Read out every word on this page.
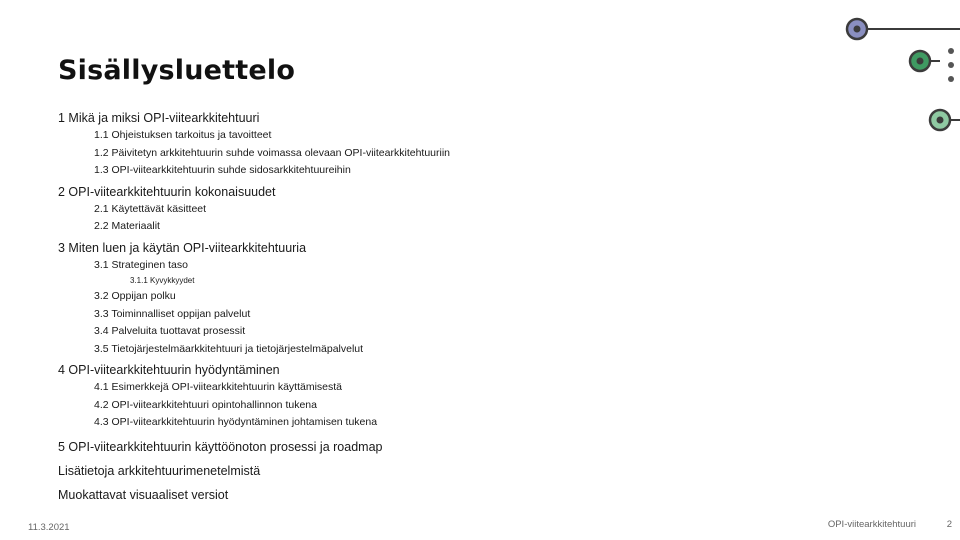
Sisällysluettelo
1 Mikä ja miksi OPI-viitearkkitehtuuri
1.1 Ohjeistuksen tarkoitus ja tavoitteet
1.2 Päivitetyn arkkitehtuurin suhde voimassa olevaan OPI-viitearkkitehtuuriin
1.3 OPI-viitearkkitehtuurin suhde sidosarkkitehtuureihin
2 OPI-viitearkkitehtuurin kokonaisuudet
2.1 Käytettävät käsitteet
2.2 Materiaalit
3 Miten luen ja käytän OPI-viitearkkitehtuuria
3.1 Strateginen taso
3.1.1 Kyvykkyydet
3.2 Oppijan polku
3.3 Toiminnalliset oppijan palvelut
3.4 Palveluita tuottavat prosessit
3.5 Tietojärjestelmäarkkitehtuuri ja tietojärjestelmäpalvelut
4 OPI-viitearkkitehtuurin hyödyntäminen
4.1 Esimerkkejä OPI-viitearkkitehtuurin käyttämisestä
4.2 OPI-viitearkkitehtuuri opintohallinnon tukena
4.3 OPI-viitearkkitehtuurin hyödyntäminen johtamisen tukena
5 OPI-viitearkkitehtuurin käyttöönoton prosessi ja roadmap
Lisätietoja arkkitehtuurimenetelmistä
Muokattavat visuaaliset versiot
11.3.2021	OPI-viitearkkitehtuuri	2
